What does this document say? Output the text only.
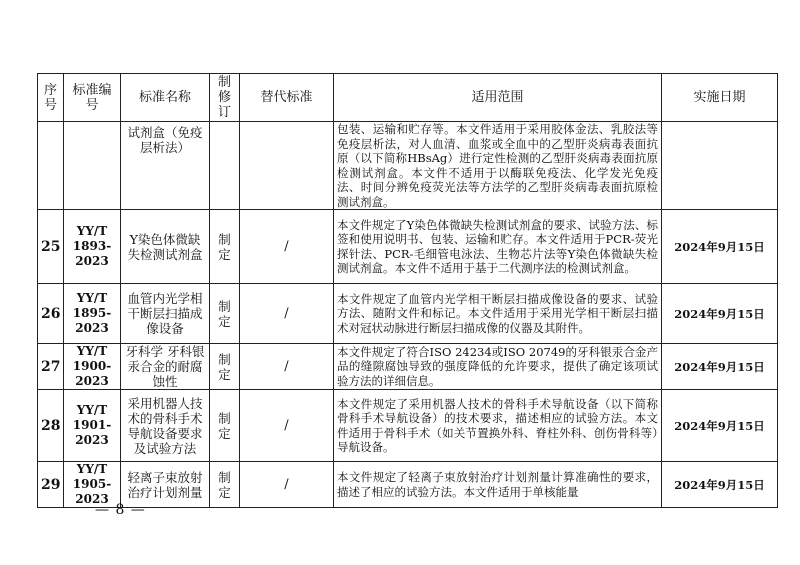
序号	标准编号	标准名称	制修订	替代标准	适用范围	实施日期
		试剂盒（免疫层析法）			包装、运输和贮存等。本文件适用于采用胶体金法、乳胶法等免疫层析法，对人血清、血浆或全血中的乙型肝炎病毒表面抗原（以下简称HBsAg）进行定性检测的乙型肝炎病毒表面抗原检测试剂盒。本文件不适用于以酶联免疫法、化学发光免疫法、时间分辨免疫荧光法等方法学的乙型肝炎病毒表面抗原检测试剂盒。	
25	YY/T 1893-2023	Y染色体微缺失检测试剂盒	制定	/	本文件规定了Y染色体微缺失检测试剂盒的要求、试验方法、标签和使用说明书、包装、运输和贮存。本文件适用于PCR-荧光探针法、PCR-毛细管电泳法、生物芯片法等Y染色体微缺失检测试剂盒。本文件不适用于基于二代测序法的检测试剂盒。	2024年9月15日
26	YY/T 1895-2023	血管内光学相干断层扫描成像设备	制定	/	本文件规定了血管内光学相干断层扫描成像设备的要求、试验方法、随附文件和标记。本文件适用于采用光学相干断层扫描术对冠状动脉进行断层扫描成像的仪器及其附件。	2024年9月15日
27	YY/T 1900-2023	牙科学 牙科银汞合金的耐腐蚀性	制定	/	本文件规定了符合ISO 24234或ISO 20749的牙科银汞合金产品的缝隙腐蚀导致的强度降低的允许要求，提供了确定该项试验方法的详细信息。	2024年9月15日
28	YY/T 1901-2023	采用机器人技术的骨科手术导航设备要求及试验方法	制定	/	本文件规定了采用机器人技术的骨科手术导航设备（以下简称骨科手术导航设备）的技术要求，描述相应的试验方法。本文件适用于骨科手术（如关节置换外科、脊柱外科、创伤骨科等）导航设备。	2024年9月15日
29	YY/T 1905-2023	轻离子束放射治疗计划剂量	制定	/	本文件规定了轻离子束放射治疗计划剂量计算准确性的要求，描述了相应的试验方法。本文件适用于单核能量	2024年9月15日
— 8 —
